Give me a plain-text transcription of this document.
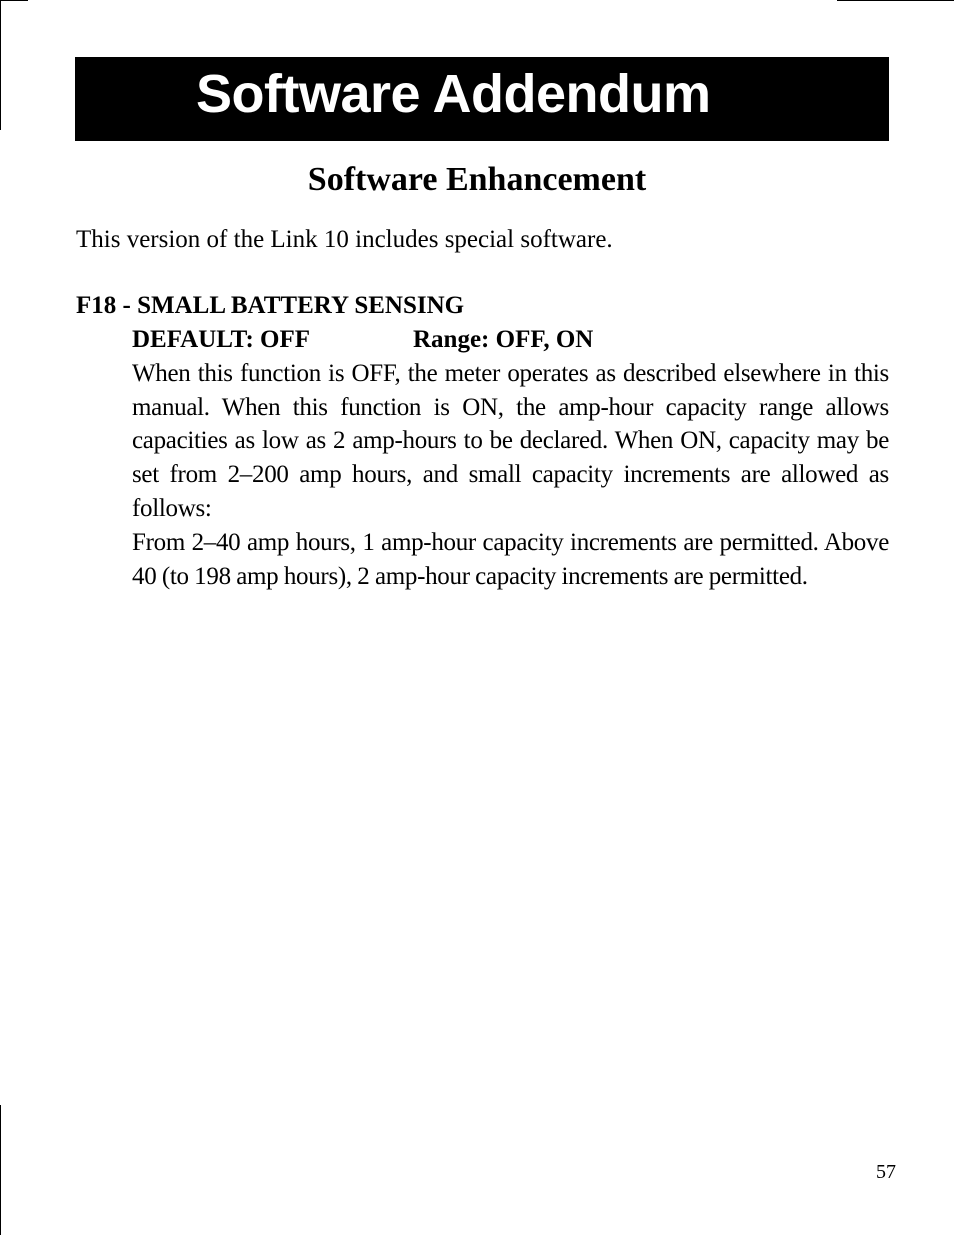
Software Addendum
Software Enhancement
This version of the Link 10 includes special software.
F18 - SMALL BATTERY SENSING
DEFAULT: OFF	Range: OFF, ON
When this function is OFF, the meter operates as described elsewhere in this manual. When this function is ON, the amp-hour capacity range allows capacities as low as 2 amp-hours to be declared. When ON, capacity may be set from 2–200 amp hours, and small capacity increments are allowed as follows:
From 2–40 amp hours, 1 amp-hour capacity increments are permitted. Above 40 (to 198 amp hours), 2 amp-hour capacity increments are permitted.
57
